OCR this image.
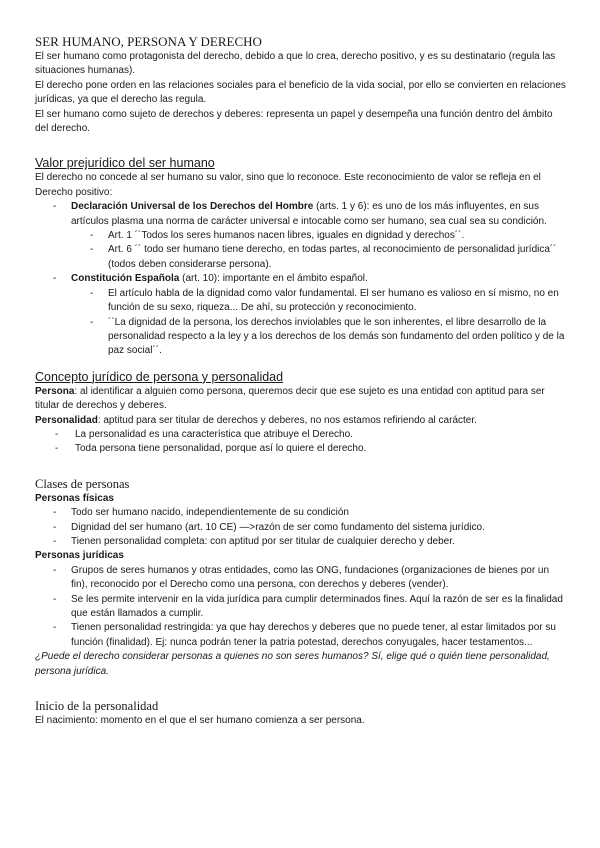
SER HUMANO, PERSONA Y DERECHO

El ser humano como protagonista del derecho, debido a que lo crea, derecho positivo, y es su destinatario (regula las situaciones humanas).

El derecho pone orden en las relaciones sociales para el beneficio de la vida social, por ello se convierten en relaciones jurídicas, ya que el derecho las regula.

El ser humano como sujeto de derechos y deberes: representa un papel y desempeña una función dentro del ámbito del derecho.

Valor prejurídico del ser humano

El derecho no concede al ser humano su valor, sino que lo reconoce. Este reconocimiento de valor se refleja en el Derecho positivo:

- Declaración Universal de los Derechos del Hombre (arts. 1 y 6): es uno de los más influyentes, en sus artículos plasma una norma de carácter universal e intocable como ser humano, sea cual sea su condición.
- Art. 1 ´´Todos los seres humanos nacen libres, iguales en dignidad y derechos´´.
- Art. 6 ´´ todo ser humano tiene derecho, en todas partes, al reconocimiento de personalidad jurídica´´ (todos deben considerarse persona).
- Constitución Española (art. 10): importante en el ámbito español.
- El artículo habla de la dignidad como valor fundamental. El ser humano es valioso en sí mismo, no en función de su sexo, riqueza... De ahí, su protección y reconocimiento.
- ´´La dignidad de la persona, los derechos inviolables que le son inherentes, el libre desarrollo de la personalidad respecto a la ley y a los derechos de los demás son fundamento del orden político y de la paz social´´.
Concepto jurídico de persona y personalidad

Persona: al identificar a alguien como persona, queremos decir que ese sujeto es una entidad con aptitud para ser titular de derechos y deberes.

Personalidad: aptitud para ser titular de derechos y deberes, no nos estamos refiriendo al carácter.

- La personalidad es una característica que atribuye el Derecho.
- Toda persona tiene personalidad, porque así lo quiere el derecho.
Clases de personas

Personas físicas

- Todo ser humano nacido, independientemente de su condición
- Dignidad del ser humano (art. 10 CE) —>razón de ser como fundamento del sistema jurídico.
- Tienen personalidad completa: con aptitud por ser titular de cualquier derecho y deber.

Personas jurídicas

- Grupos de seres humanos y otras entidades, como las ONG, fundaciones (organizaciones de bienes por un fin), reconocido por el Derecho como una persona, con derechos y deberes (vender).
- Se les permite intervenir en la vida jurídica para cumplir determinados fines. Aquí la razón de ser es la finalidad que están llamados a cumplir.
- Tienen personalidad restringida: ya que hay derechos y deberes que no puede tener, al estar limitados por su función (finalidad). Ej: nunca podrán tener la patria potestad, derechos conyugales, hacer testamentos...

¿Puede el derecho considerar personas a quienes no son seres humanos? Sí, elige qué o quién tiene personalidad, persona jurídica.

Inicio de la personalidad

El nacimiento: momento en el que el ser humano comienza a ser persona.
